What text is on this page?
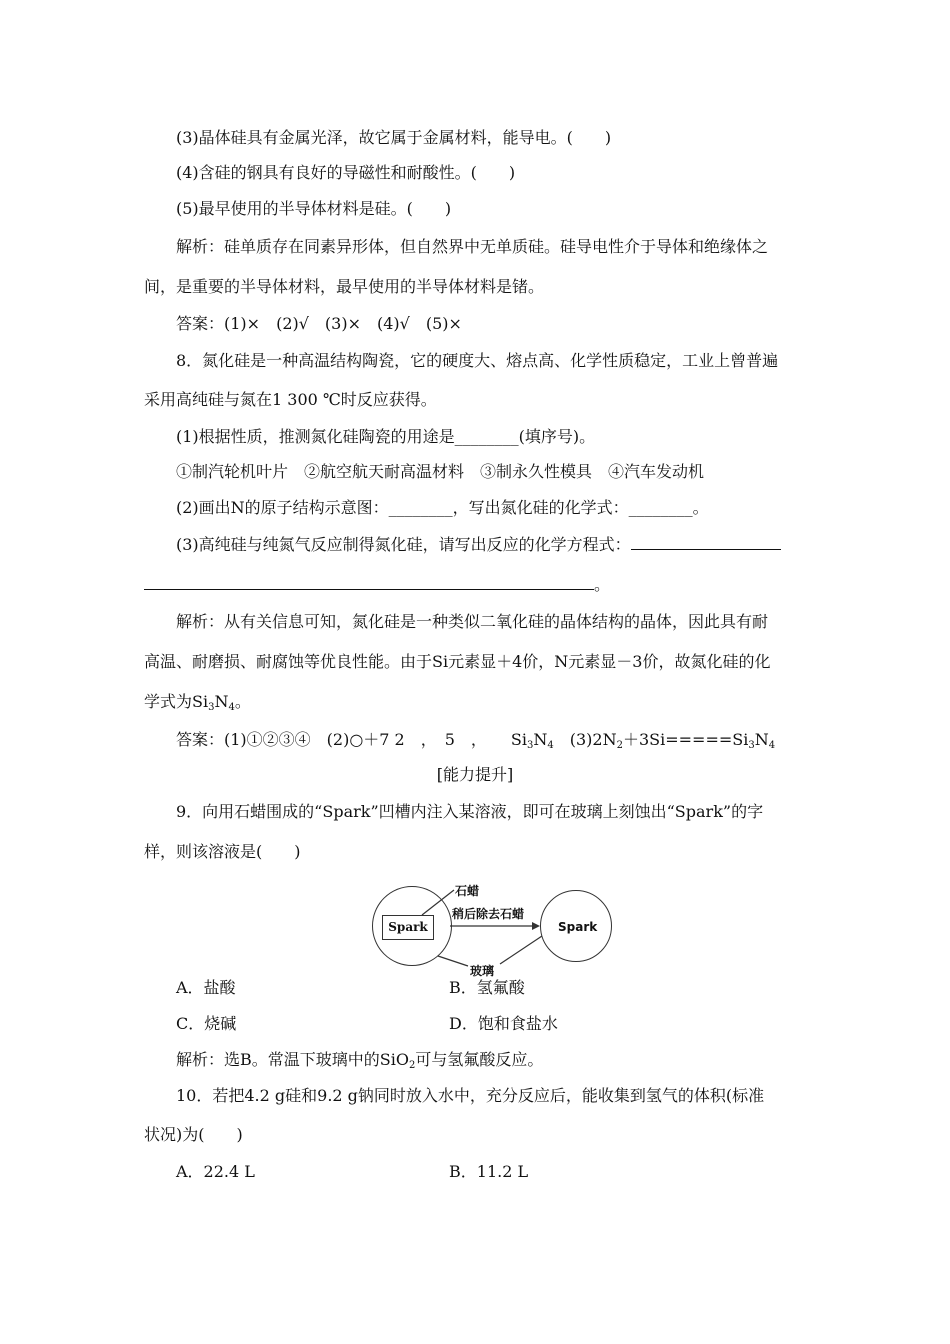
(3)晶体硅具有金属光泽，故它属于金属材料，能导电。(　　)
(4)含硅的钢具有良好的导磁性和耐酸性。(　　)
(5)最早使用的半导体材料是硅。(　　)
解析：硅单质存在同素异形体，但自然界中无单质硅。硅导电性介于导体和绝缘体之
间，是重要的半导体材料，最早使用的半导体材料是锗。
答案：(1)×　(2)√　(3)×　(4)√　(5)×
8．氮化硅是一种高温结构陶瓷，它的硬度大、熔点高、化学性质稳定，工业上曾普遍
采用高纯硅与氮在1 300 ℃时反应获得。
(1)根据性质，推测氮化硅陶瓷的用途是________(填序号)。
①制汽轮机叶片　②航空航天耐高温材料　③制永久性模具　④汽车发动机
(2)画出N的原子结构示意图：________，写出氮化硅的化学式：________。
(3)高纯硅与纯氮气反应制得氮化硅，请写出反应的化学方程式：
。
解析：从有关信息可知，氮化硅是一种类似二氧化硅的晶体结构的晶体，因此具有耐
高温、耐磨损、耐腐蚀等优良性能。由于Si元素显＋4价，N元素显－3价，故氮化硅的化
学式为$Si_3N_4$。
答案：(1)①②③④　(2)○＋7 2　，　5　，　　$Si_3N_4$　$(3)2N_2+3Si=====Si_3N_4$
[能力提升]
9．向用石蜡围成的“Spark”凹槽内注入某溶液，即可在玻璃上刻蚀出“Spark”的字
样，则该溶液是(　　)
Spark	Spark
石蜡
稍后除去石蜡
玻璃
A．盐酸	B．氢氟酸
C．烧碱	D．饱和食盐水
解析：选B。常温下玻璃中的SiO$_2$可与氢氟酸反应。
10．若把4.2 g硅和9.2 g钠同时放入水中，充分反应后，能收集到氢气的体积(标准
状况)为(　　)
A．22.4 L	B．11.2 L
